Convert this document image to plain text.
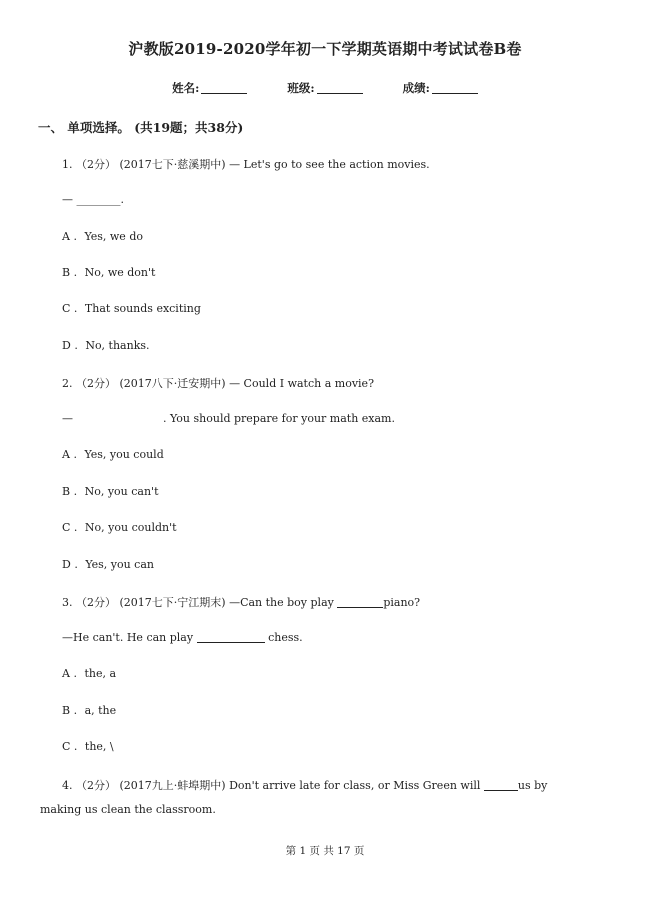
沪教版2019-2020学年初一下学期英语期中考试试卷B卷
姓名:	班级:	成绩:
一、 单项选择。 (共19题；共38分)
1. （2分） (2017七下·慈溪期中) — Let's go to see the action movies.
— ________.
A . Yes, we do
B . No, we don't
C . That sounds exciting
D . No, thanks.
2. （2分） (2017八下·迁安期中) — Could I watch a movie?
—	. You should prepare for your math exam.
A . Yes, you could
B . No, you can't
C . No, you couldn't
D . Yes, you can
3. （2分） (2017七下·宁江期末) —Can the boy play	piano?
—He can't. He can play	chess.
A . the, a
B . a, the
C . the, \
4. （2分） (2017九上·蚌埠期中) Don't arrive late for class, or Miss Green will	us by
making us clean the classroom.
第 1 页 共 17 页
